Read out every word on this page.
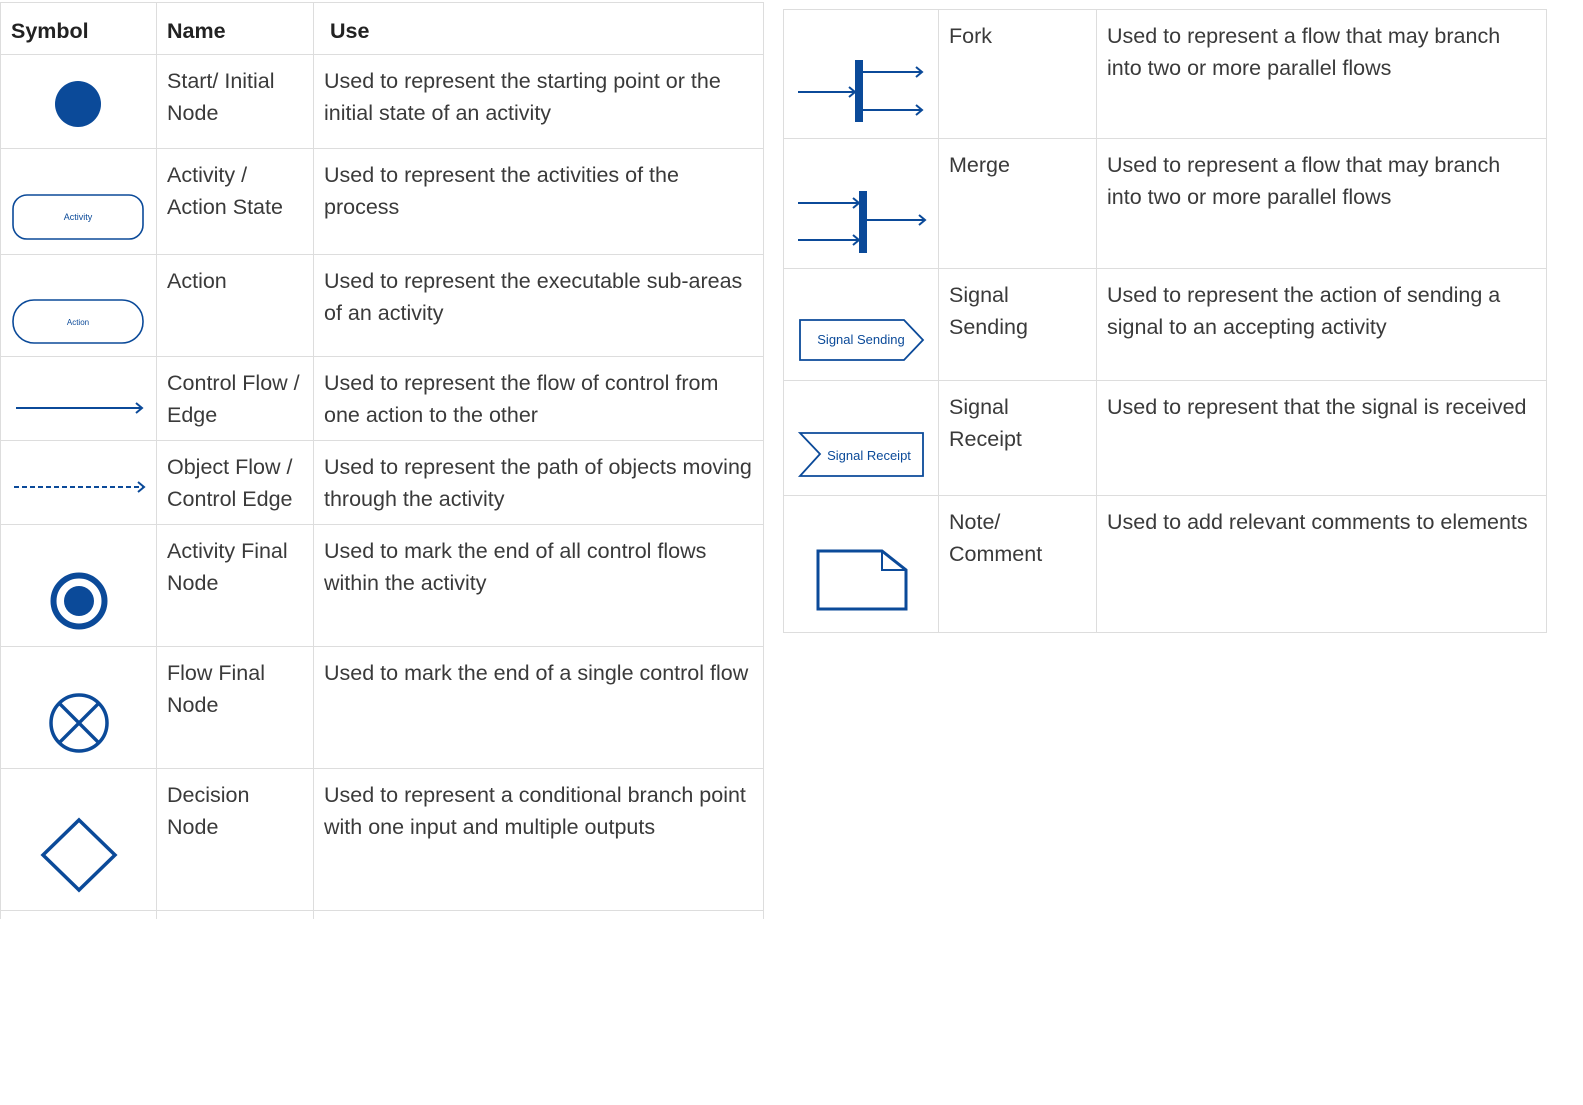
Symbol	Name	Use

Start/ Initial Node	Used to represent the starting point or the initial state of an activity

Activity	Activity / Action State	Used to represent the activities of the process

Action	Action	Used to represent the executable sub-areas of an activity

Control Flow / Edge	Used to represent the flow of control from one action to the other

Object Flow / Control Edge	Used to represent the path of objects moving through the activity

Activity Final Node	Used to mark the end of all control flows within the activity

Flow Final Node	Used to mark the end of a single control flow

Decision Node	Used to represent a conditional branch point with one input and multiple outputs

Fork	Used to represent a flow that may branch into two or more parallel flows

Merge	Used to represent a flow that may branch into two or more parallel flows

Signal Sending	Signal Sending	Used to represent the action of sending a signal to an accepting activity

Signal Receipt	Signal Receipt	Used to represent that the signal is received

Note/ Comment	Used to add relevant comments to elements
